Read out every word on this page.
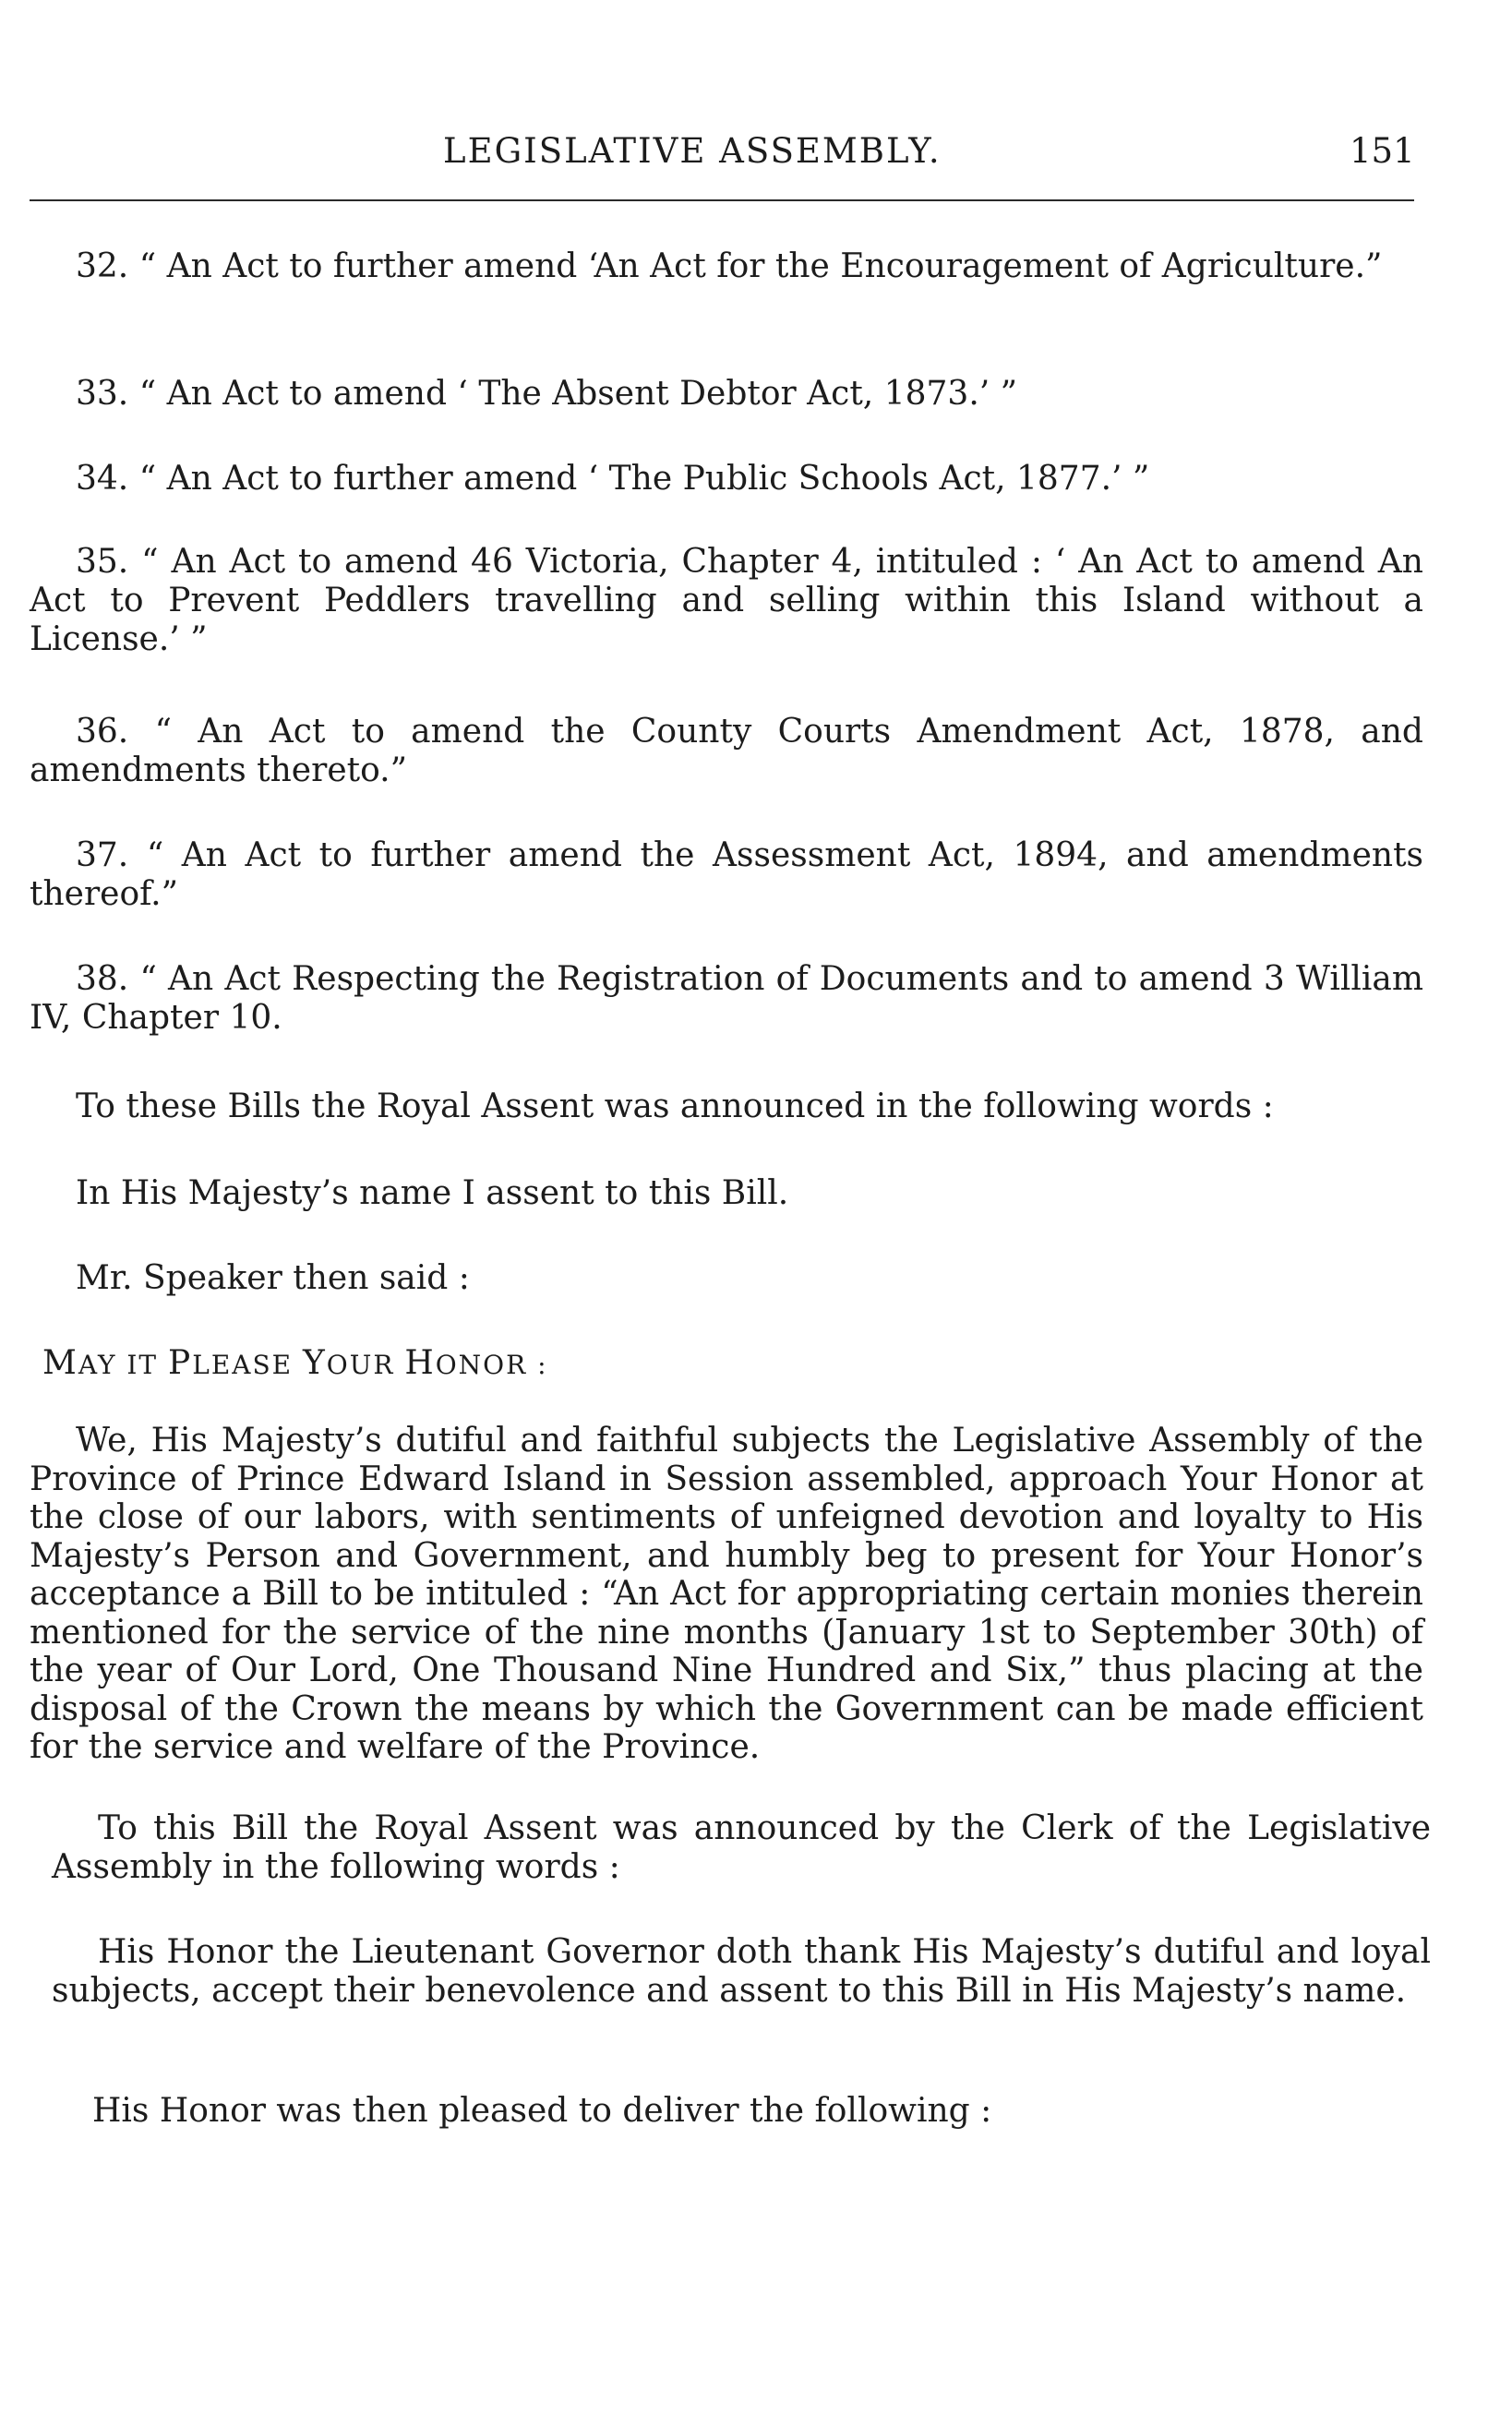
LEGISLATIVE ASSEMBLY.	151

32. “ An Act to further amend ‘An Act for the Encouragement of Agriculture.”

33. “ An Act to amend ‘ The Absent Debtor Act, 1873.’ ”

34. “ An Act to further amend ‘ The Public Schools Act, 1877.’ ”

35. “ An Act to amend 46 Victoria, Chapter 4, intituled : ‘ An Act to amend An Act to Prevent Peddlers travelling and selling within this Island without a License.’ ”

36. “ An Act to amend the County Courts Amendment Act, 1878, and amendments thereto.”

37. “ An Act to further amend the Assessment Act, 1894, and amendments thereof.”

38. “ An Act Respecting the Registration of Documents and to amend 3 William IV, Chapter 10.

To these Bills the Royal Assent was announced in the following words :
In His Majesty’s name I assent to this Bill.
Mr. Speaker then said :
MAY IT PLEASE YOUR HONOR :

We, His Majesty’s dutiful and faithful subjects the Legislative Assembly of the Province of Prince Edward Island in Session assembled, approach Your Honor at the close of our labors, with sentiments of unfeigned devotion and loyalty to His Majesty’s Person and Government, and humbly beg to present for Your Honor’s acceptance a Bill to be intituled : “An Act for appropriating certain monies therein mentioned for the service of the nine months (January 1st to September 30th) of the year of Our Lord, One Thousand Nine Hundred and Six,” thus placing at the disposal of the Crown the means by which the Government can be made efficient for the service and welfare of the Province.

To this Bill the Royal Assent was announced by the Clerk of the Legislative Assembly in the following words :

His Honor the Lieutenant Governor doth thank His Majesty’s dutiful and loyal subjects, accept their benevolence and assent to this Bill in His Majesty’s name.

His Honor was then pleased to deliver the following :
